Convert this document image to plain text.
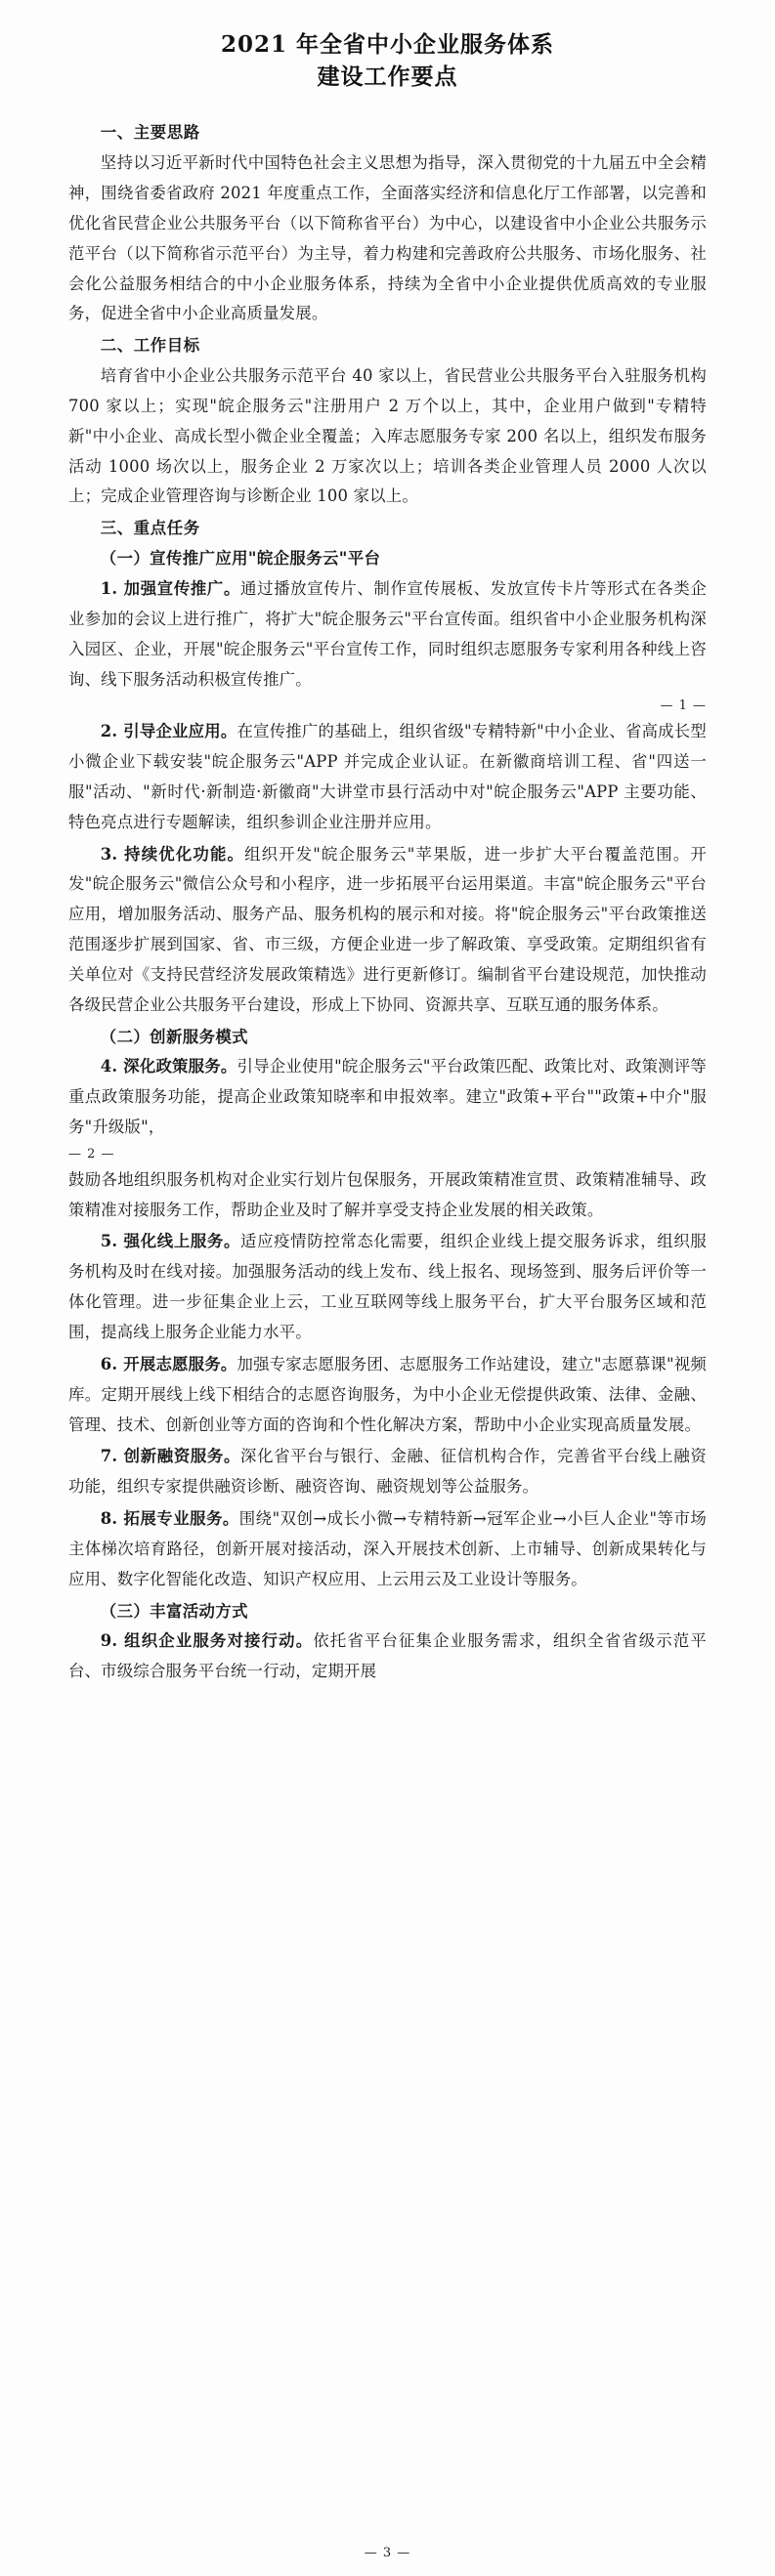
2021 年全省中小企业服务体系
建设工作要点

一、主要思路

坚持以习近平新时代中国特色社会主义思想为指导，深入贯彻党的十九届五中全会精神，围绕省委省政府 2021 年度重点工作，全面落实经济和信息化厅工作部署，以完善和优化省民营企业公共服务平台（以下简称省平台）为中心，以建设省中小企业公共服务示范平台（以下简称省示范平台）为主导，着力构建和完善政府公共服务、市场化服务、社会化公益服务相结合的中小企业服务体系，持续为全省中小企业提供优质高效的专业服务，促进全省中小企业高质量发展。

二、工作目标

培育省中小企业公共服务示范平台 40 家以上，省民营业公共服务平台入驻服务机构 700 家以上；实现"皖企服务云"注册用户 2 万个以上，其中，企业用户做到"专精特新"中小企业、高成长型小微企业全覆盖；入库志愿服务专家 200 名以上，组织发布服务活动 1000 场次以上，服务企业 2 万家次以上；培训各类企业管理人员 2000 人次以上；完成企业管理咨询与诊断企业 100 家以上。

三、重点任务

（一）宣传推广应用"皖企服务云"平台

1. 加强宣传推广。通过播放宣传片、制作宣传展板、发放宣传卡片等形式在各类企业参加的会议上进行推广，将扩大"皖企服务云"平台宣传面。组织省中小企业服务机构深入园区、企业，开展"皖企服务云"平台宣传工作，同时组织志愿服务专家利用各种线上咨询、线下服务活动积极宣传推广。

— 1 —

2. 引导企业应用。在宣传推广的基础上，组织省级"专精特新"中小企业、省高成长型小微企业下载安装"皖企服务云"APP 并完成企业认证。在新徽商培训工程、省"四送一服"活动、"新时代·新制造·新徽商"大讲堂市县行活动中对"皖企服务云"APP 主要功能、特色亮点进行专题解读，组织参训企业注册并应用。

3. 持续优化功能。组织开发"皖企服务云"苹果版，进一步扩大平台覆盖范围。开发"皖企服务云"微信公众号和小程序，进一步拓展平台运用渠道。丰富"皖企服务云"平台应用，增加服务活动、服务产品、服务机构的展示和对接。将"皖企服务云"平台政策推送范围逐步扩展到国家、省、市三级，方便企业进一步了解政策、享受政策。定期组织省有关单位对《支持民营经济发展政策精选》进行更新修订。编制省平台建设规范，加快推动各级民营企业公共服务平台建设，形成上下协同、资源共享、互联互通的服务体系。

（二）创新服务模式

4. 深化政策服务。引导企业使用"皖企服务云"平台政策匹配、政策比对、政策测评等重点政策服务功能，提高企业政策知晓率和申报效率。建立"政策+平台""政策+中介"服务"升级版"，

— 2 —

鼓励各地组织服务机构对企业实行划片包保服务，开展政策精准宣贯、政策精准辅导、政策精准对接服务工作，帮助企业及时了解并享受支持企业发展的相关政策。

5. 强化线上服务。适应疫情防控常态化需要，组织企业线上提交服务诉求，组织服务机构及时在线对接。加强服务活动的线上发布、线上报名、现场签到、服务后评价等一体化管理。进一步征集企业上云，工业互联网等线上服务平台，扩大平台服务区域和范围，提高线上服务企业能力水平。

6. 开展志愿服务。加强专家志愿服务团、志愿服务工作站建设，建立"志愿慕课"视频库。定期开展线上线下相结合的志愿咨询服务，为中小企业无偿提供政策、法律、金融、管理、技术、创新创业等方面的咨询和个性化解决方案，帮助中小企业实现高质量发展。

7. 创新融资服务。深化省平台与银行、金融、征信机构合作，完善省平台线上融资功能，组织专家提供融资诊断、融资咨询、融资规划等公益服务。

8. 拓展专业服务。围绕"双创→成长小微→专精特新→冠军企业→小巨人企业"等市场主体梯次培育路径，创新开展对接活动，深入开展技术创新、上市辅导、创新成果转化与应用、数字化智能化改造、知识产权应用、上云用云及工业设计等服务。

（三）丰富活动方式

9. 组织企业服务对接行动。依托省平台征集企业服务需求，组织全省省级示范平台、市级综合服务平台统一行动，定期开展

— 3 —
